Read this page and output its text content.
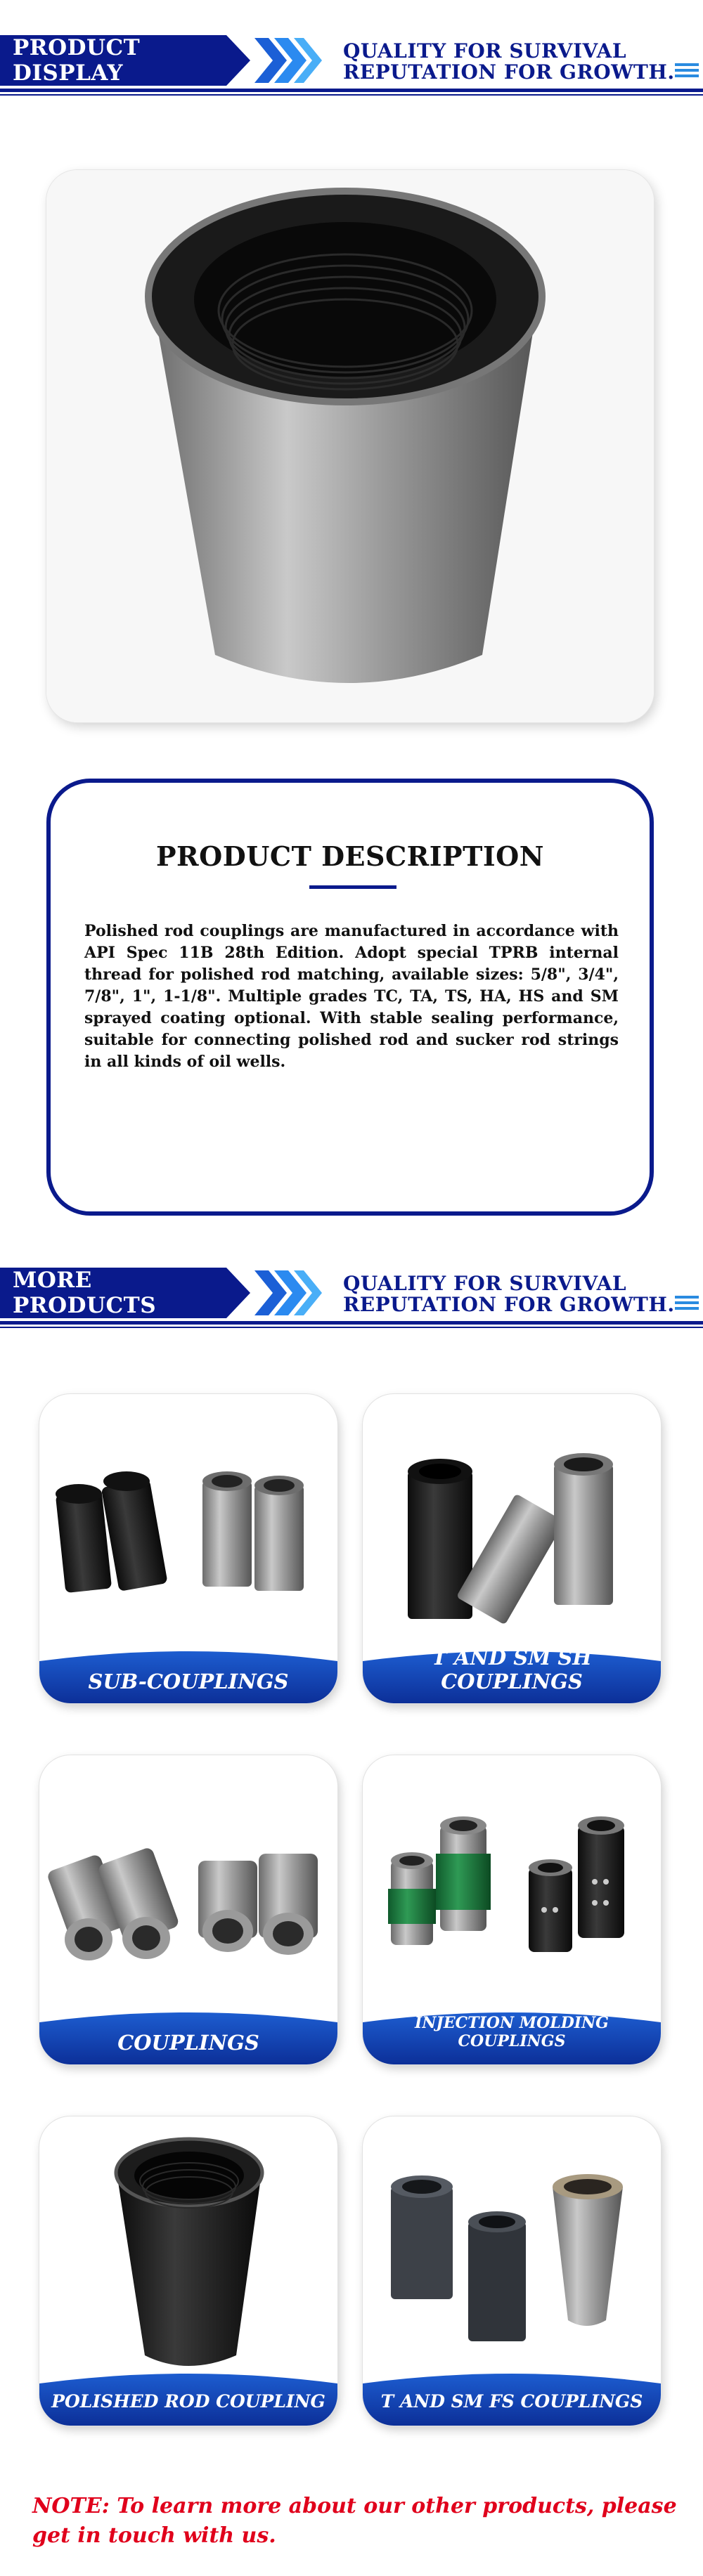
PRODUCT DISPLAY
QUALITY FOR SURVIVAL
REPUTATION FOR GROWTH.
PRODUCT DESCRIPTION
Polished rod couplings are manufactured in accordance with API Spec 11B 28th Edition. Adopt special TPRB internal thread for polished rod matching, available sizes: 5/8", 3/4", 7/8", 1", 1-1/8". Multiple grades TC, TA, TS, HA, HS and SM sprayed coating optional. With stable sealing performance, suitable for connecting polished rod and sucker rod strings in all kinds of oil wells.
MORE PRODUCTS
QUALITY FOR SURVIVAL
REPUTATION FOR GROWTH.
SUB-COUPLINGS
T AND SM SH COUPLINGS
COUPLINGS
INJECTION MOLDING COUPLINGS
POLISHED ROD COUPLING	T AND SM FS COUPLINGS
NOTE: To learn more about our other products, please get in touch with us.
